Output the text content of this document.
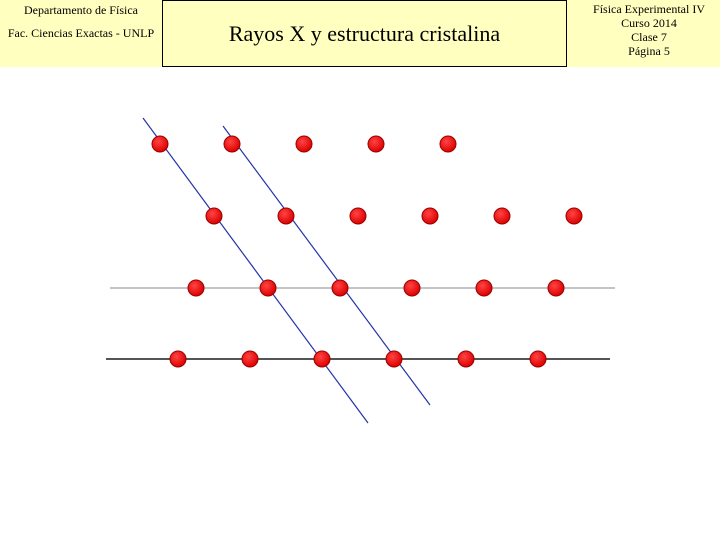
Departamento de Física
Fac. Ciencias Exactas - UNLP	Rayos X y estructura cristalina
Física Experimental IV
Curso 2014
Clase 7
Página 5
